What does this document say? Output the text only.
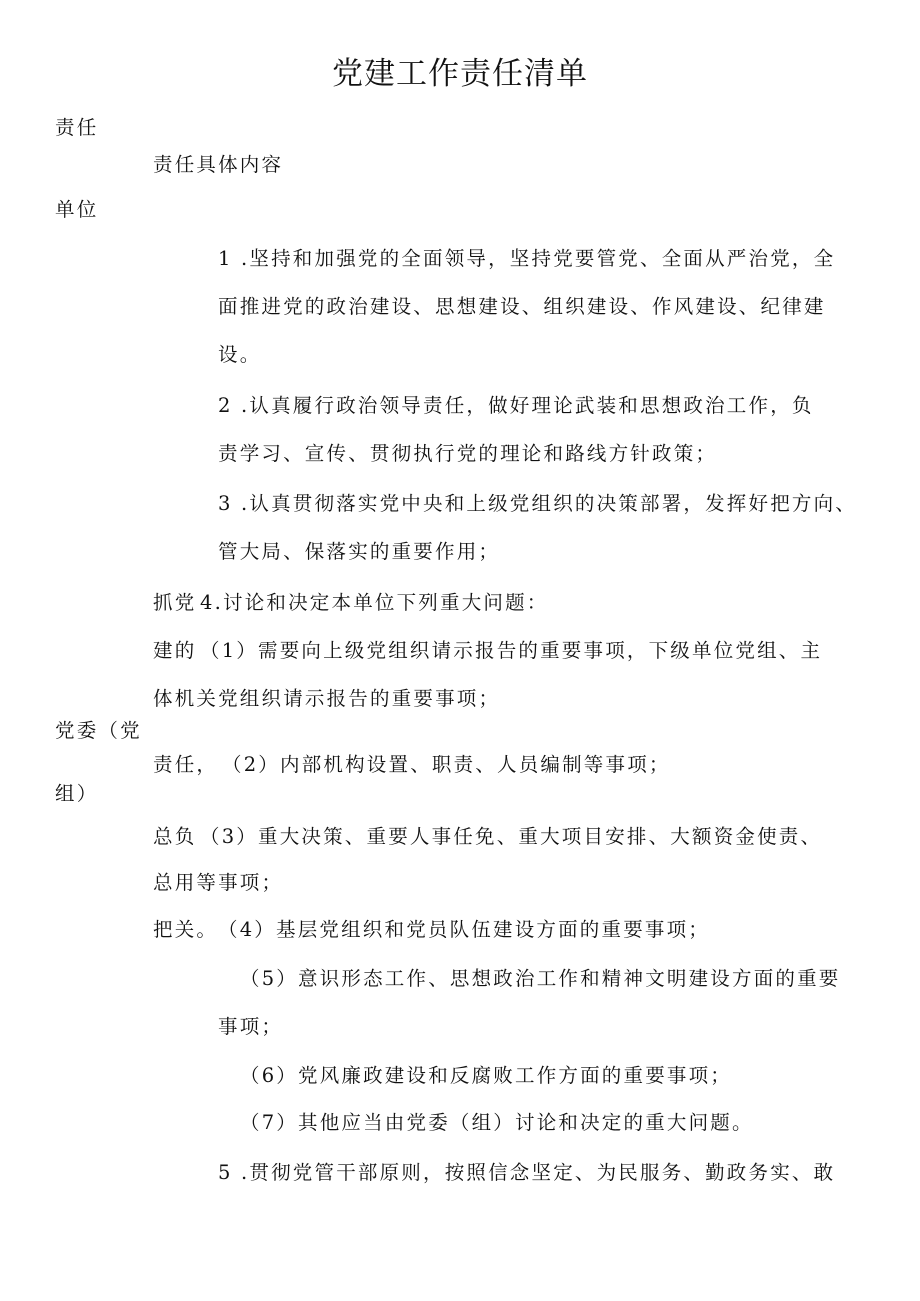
党建工作责任清单
责任
责任具体内容
单位
1 .坚持和加强党的全面领导，坚持党要管党、全面从严治党，全
面推进党的政治建设、思想建设、组织建设、作风建设、纪律建
设。
2 .认真履行政治领导责任，做好理论武装和思想政治工作，负
责学习、宣传、贯彻执行党的理论和路线方针政策；
3 .认真贯彻落实党中央和上级党组织的决策部署，发挥好把方向、
管大局、保落实的重要作用；
抓党 4.讨论和决定本单位下列重大问题：
建的 （1）需要向上级党组织请示报告的重要事项，下级单位党组、主
体机关党组织请示报告的重要事项；
党委（党
责任， （2）内部机构设置、职责、人员编制等事项；
组）
总负 （3）重大决策、重要人事任免、重大项目安排、大额资金使责、
总用等事项；
把关。 （4）基层党组织和党员队伍建设方面的重要事项；
（5）意识形态工作、思想政治工作和精神文明建设方面的重要
事项；
（6）党风廉政建设和反腐败工作方面的重要事项；
（7）其他应当由党委（组）讨论和决定的重大问题。
5 .贯彻党管干部原则，按照信念坚定、为民服务、勤政务实、敢
